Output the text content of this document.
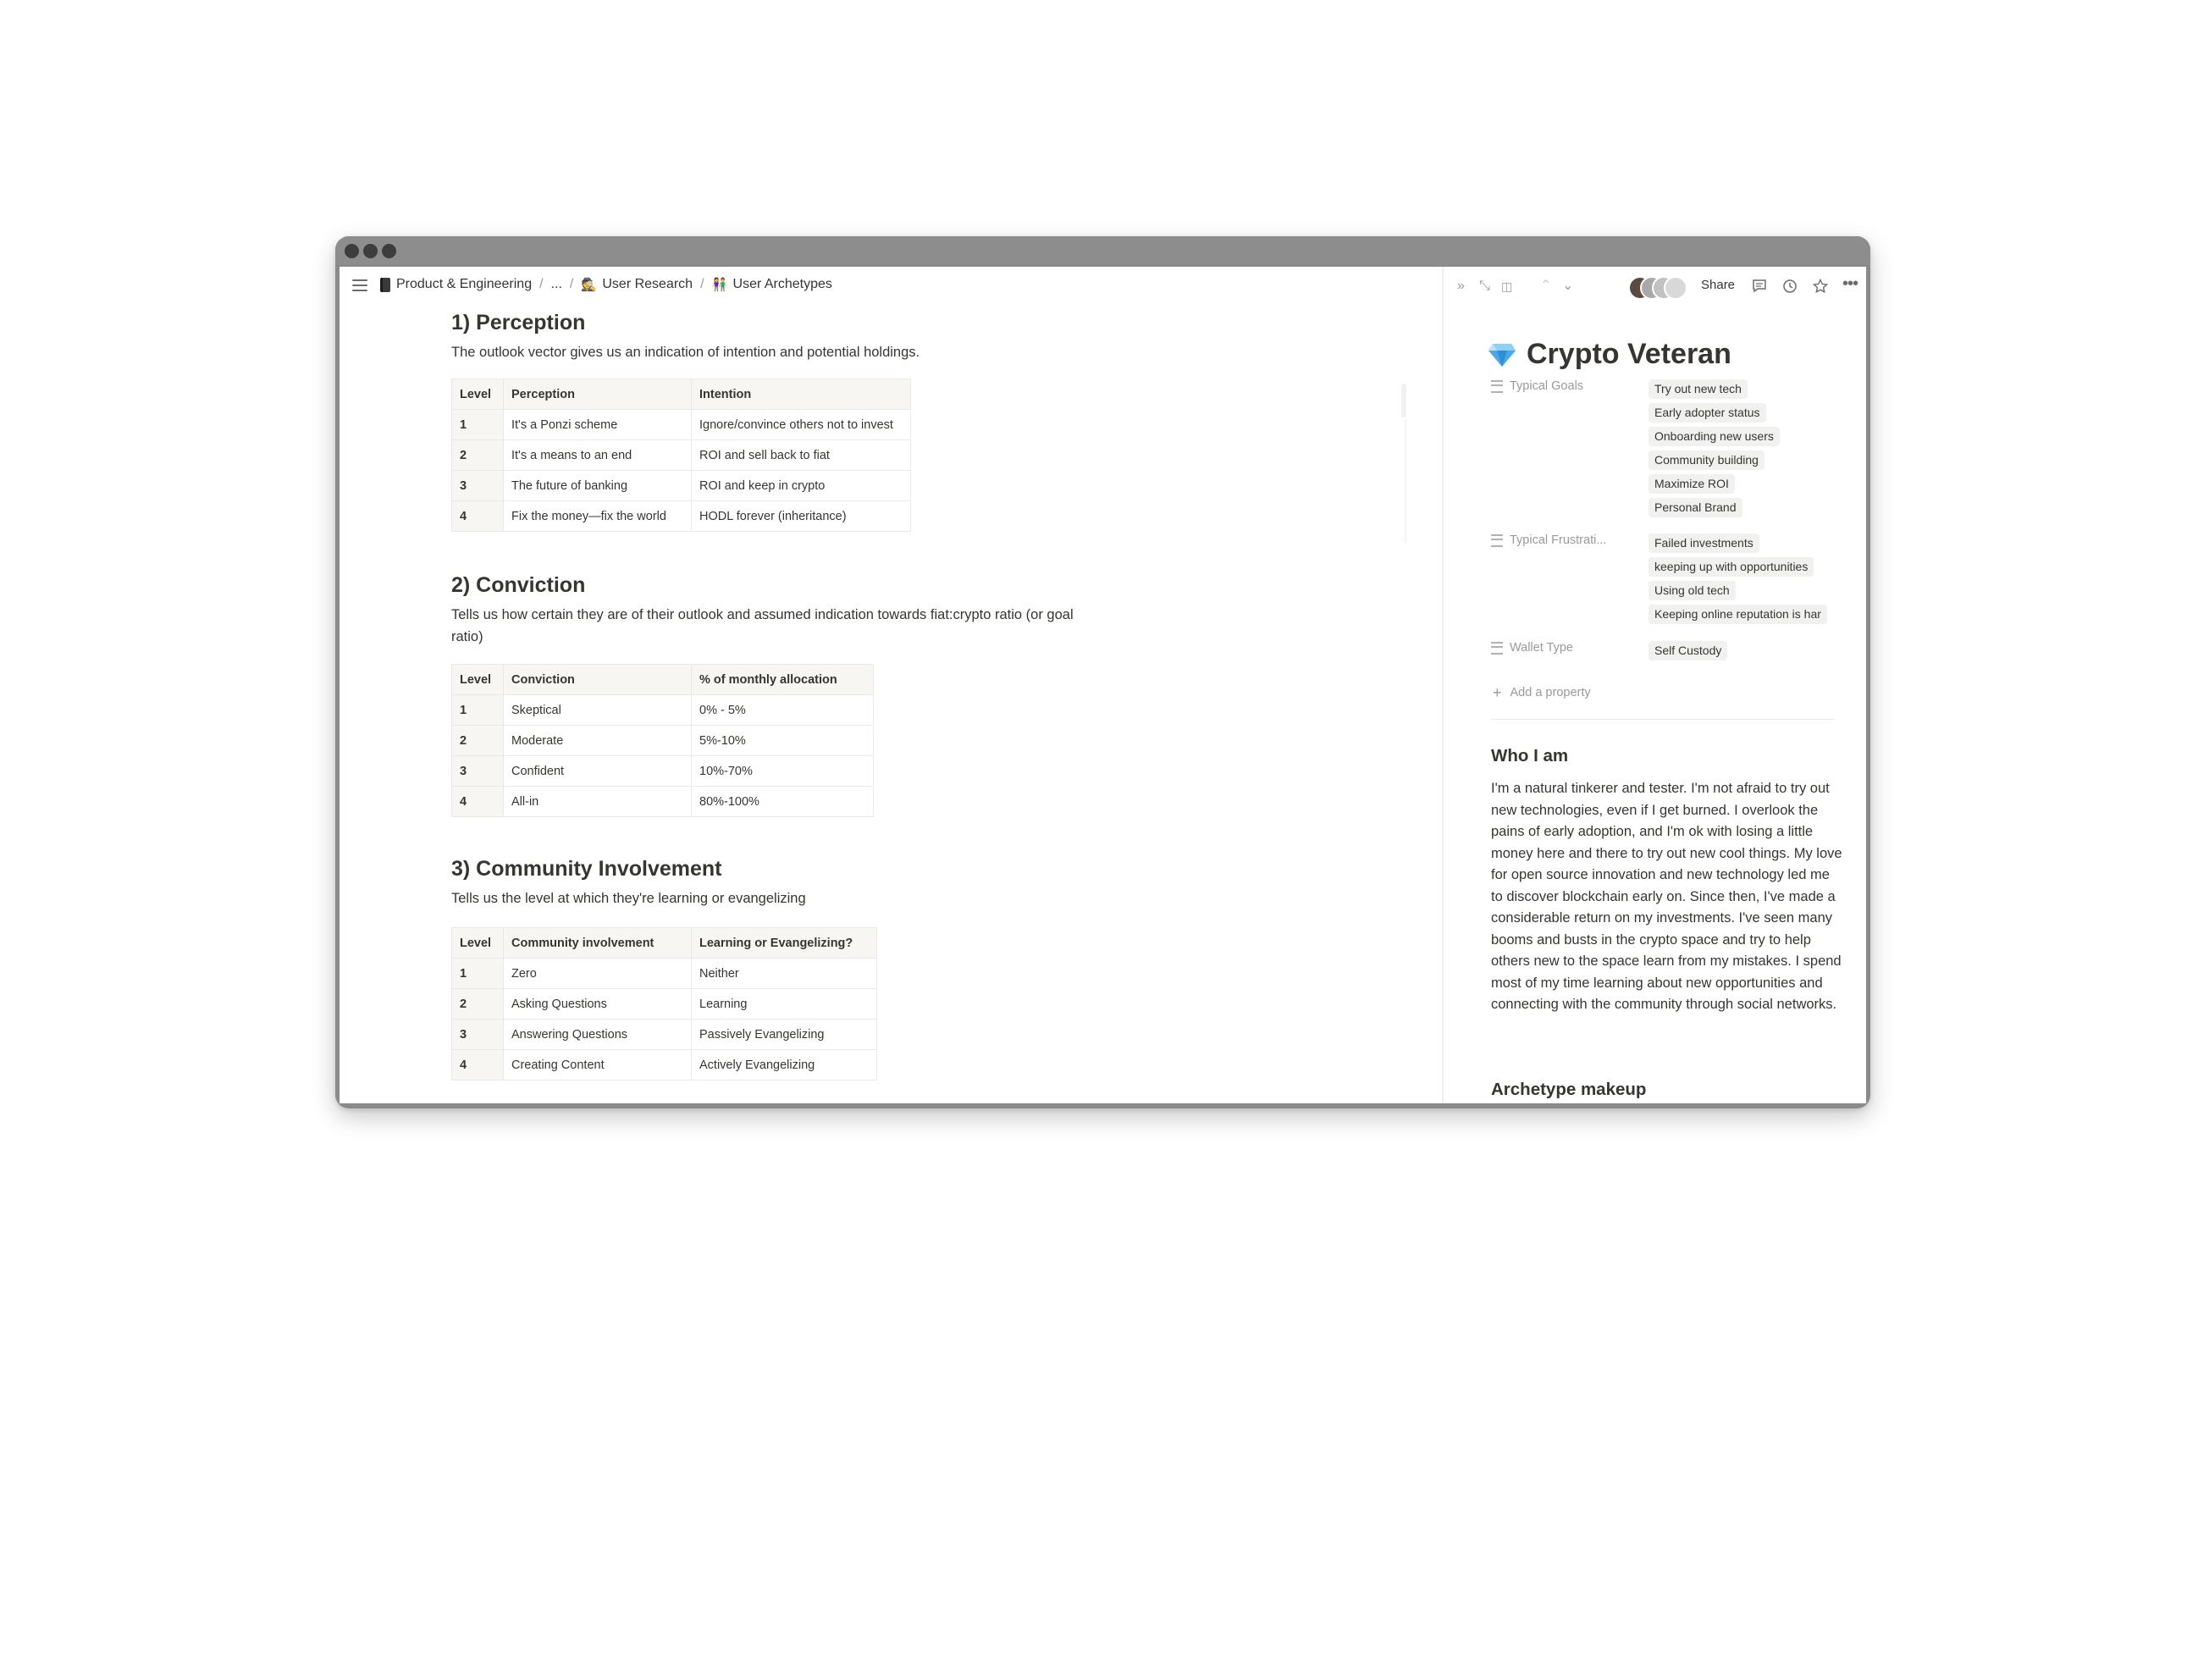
Product & Engineering / ... / 🕵 User Research / 👫 User Archetypes
1) Perception

The outlook vector gives us an indication of intention and potential holdings.

Level	Perception	Intention
1	It's a Ponzi scheme	Ignore/convince others not to invest
2	It's a means to an end	ROI and sell back to fiat
3	The future of banking	ROI and keep in crypto
4	Fix the money—fix the world	HODL forever (inheritance)
2) Conviction

Tells us how certain they are of their outlook and assumed indication towards fiat:crypto ratio (or goal ratio)

Level	Conviction	% of monthly allocation
1	Skeptical	0% - 5%
2	Moderate	5%-10%
3	Confident	10%-70%
4	All-in	80%-100%
3) Community Involvement

Tells us the level at which they're learning or evangelizing

Level	Community involvement	Learning or Evangelizing?
1	Zero	Neither
2	Asking Questions	Learning
3	Answering Questions	Passively Evangelizing
4	Creating Content	Actively Evangelizing
» ⤡ ◫ ⌃ ⌄	Share	•••
Crypto Veteran
Typical Goals	Try out new tech
Early adopter status
Onboarding new users
Community building
Maximize ROI
Personal Brand
Typical Frustrati...	Failed investments
keeping up with opportunities
Using old tech
Keeping online reputation is har
Wallet Type	Self Custody
+ Add a property
Who I am

I'm a natural tinkerer and tester. I'm not afraid to try out new technologies, even if I get burned. I overlook the pains of early adoption, and I'm ok with losing a little money here and there to try out new cool things. My love for open source innovation and new technology led me to discover blockchain early on. Since then, I've made a considerable return on my investments. I've seen many booms and busts in the crypto space and try to help others new to the space learn from my mistakes. I spend most of my time learning about new opportunities and connecting with the community through social networks.

Archetype makeup
